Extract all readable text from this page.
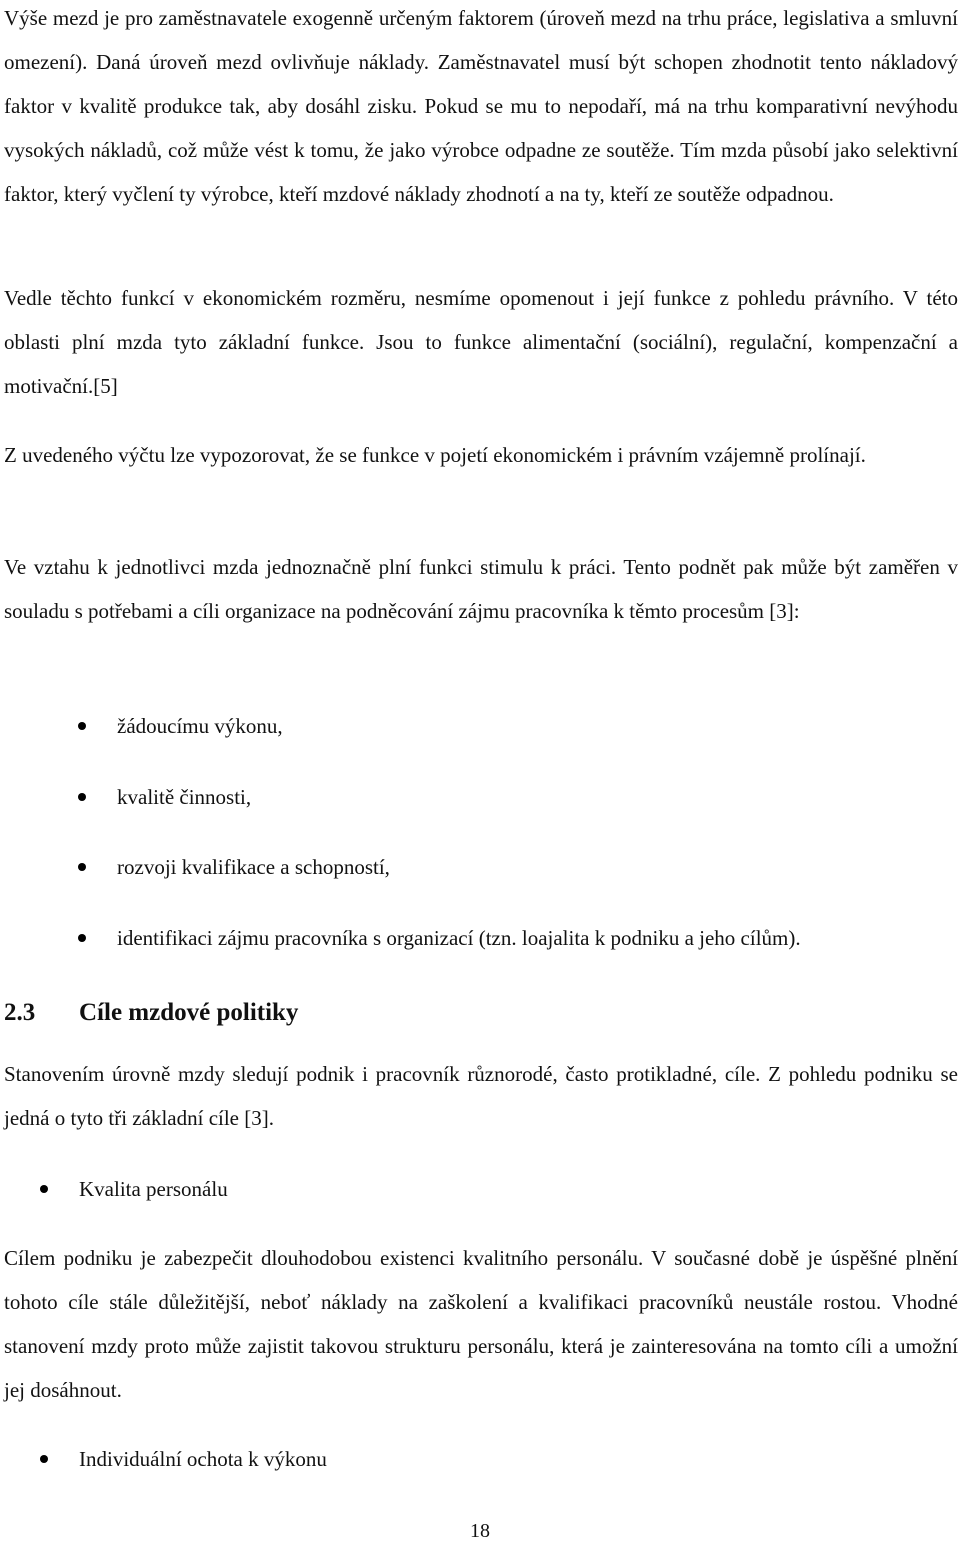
Výše mezd je pro zaměstnavatele exogenně určeným faktorem (úroveň mezd na trhu práce, legislativa a smluvní omezení). Daná úroveň mezd ovlivňuje náklady. Zaměstnavatel musí být schopen zhodnotit tento nákladový faktor v kvalitě produkce tak, aby dosáhl zisku. Pokud se mu to nepodaří, má na trhu komparativní nevýhodu vysokých nákladů, což může vést k tomu, že jako výrobce odpadne ze soutěže. Tím mzda působí jako selektivní faktor, který vyčlení ty výrobce, kteří mzdové náklady zhodnotí a na ty, kteří ze soutěže odpadnou.

Vedle těchto funkcí v ekonomickém rozměru, nesmíme opomenout i její funkce z pohledu právního. V této oblasti plní mzda tyto základní funkce. Jsou to funkce alimentační (sociální), regulační, kompenzační a motivační.[5]

Z uvedeného výčtu lze vypozorovat, že se funkce v pojetí ekonomickém i právním vzájemně prolínají.

Ve vztahu k jednotlivci mzda jednoznačně plní funkci stimulu k práci. Tento podnět pak může být zaměřen v souladu s potřebami a cíli organizace na podněcování zájmu pracovníka k těmto procesům [3]:

žádoucímu výkonu,
kvalitě činnosti,
rozvoji kvalifikace a schopností,
identifikaci zájmu pracovníka s organizací (tzn. loajalita k podniku a jeho cílům).
2.3 Cíle mzdové politiky

Stanovením úrovně mzdy sledují podnik i pracovník různorodé, často protikladné, cíle. Z pohledu podniku se jedná o tyto tři základní cíle [3].

Kvalita personálu

Cílem podniku je zabezpečit dlouhodobou existenci kvalitního personálu. V současné době je úspěšné plnění tohoto cíle stále důležitější, neboť náklady na zaškolení a kvalifikaci pracovníků neustále rostou. Vhodné stanovení mzdy proto může zajistit takovou strukturu personálu, která je zainteresována na tomto cíli a umožní jej dosáhnout.

Individuální ochota k výkonu
18
